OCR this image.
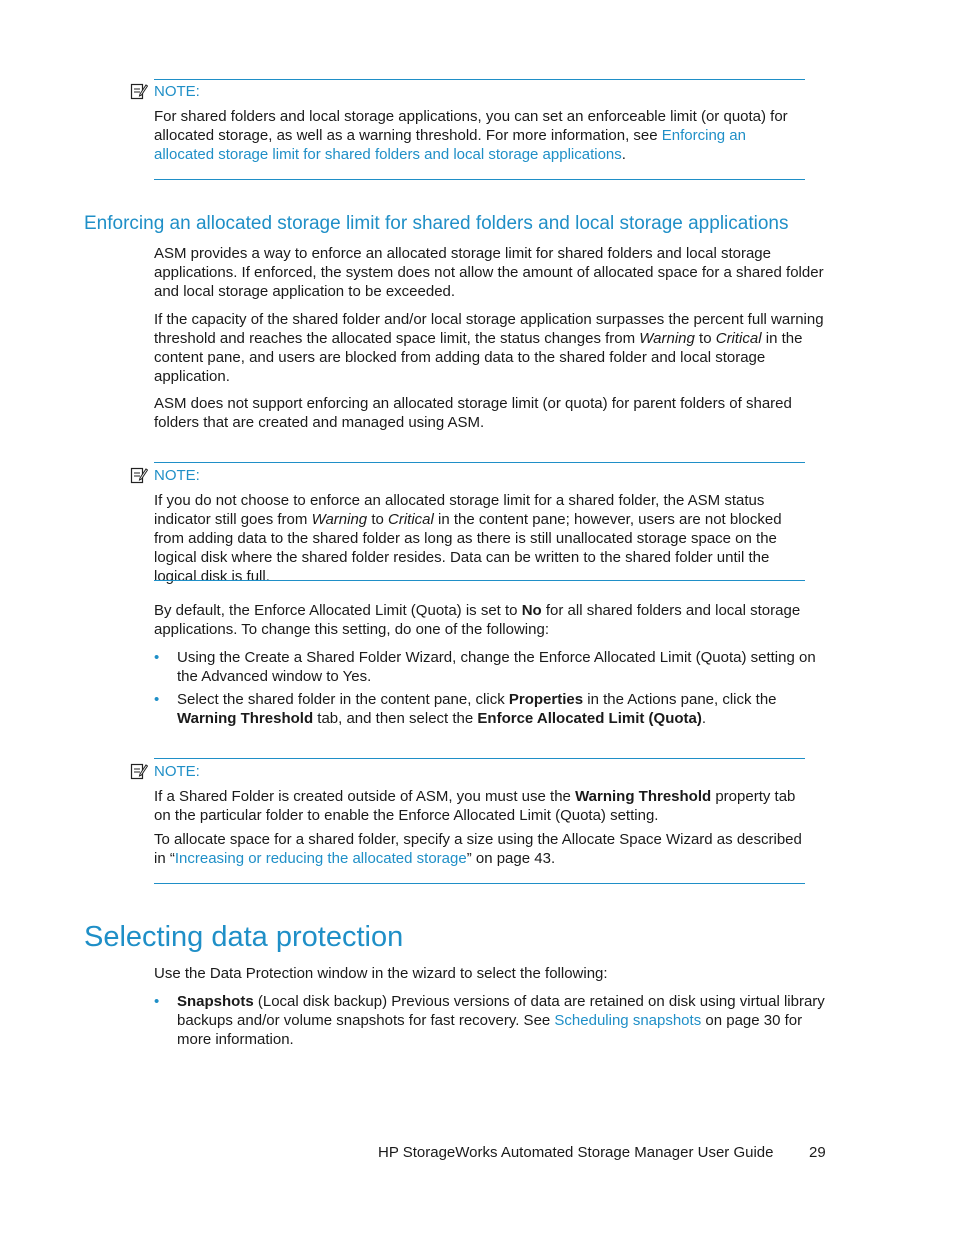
NOTE:

For shared folders and local storage applications, you can set an enforceable limit (or quota) for allocated storage, as well as a warning threshold. For more information, see Enforcing an allocated storage limit for shared folders and local storage applications.

Enforcing an allocated storage limit for shared folders and local storage applications

ASM provides a way to enforce an allocated storage limit for shared folders and local storage applications. If enforced, the system does not allow the amount of allocated space for a shared folder and local storage application to be exceeded.

If the capacity of the shared folder and/or local storage application surpasses the percent full warning threshold and reaches the allocated space limit, the status changes from Warning to Critical in the content pane, and users are blocked from adding data to the shared folder and local storage application.

ASM does not support enforcing an allocated storage limit (or quota) for parent folders of shared folders that are created and managed using ASM.

NOTE:

If you do not choose to enforce an allocated storage limit for a shared folder, the ASM status indicator still goes from Warning to Critical in the content pane; however, users are not blocked from adding data to the shared folder as long as there is still unallocated storage space on the logical disk where the shared folder resides. Data can be written to the shared folder until the logical disk is full.

By default, the Enforce Allocated Limit (Quota) is set to No for all shared folders and local storage applications. To change this setting, do one of the following:

• Using the Create a Shared Folder Wizard, change the Enforce Allocated Limit (Quota) setting on the Advanced window to Yes.

• Select the shared folder in the content pane, click Properties in the Actions pane, click the Warning Threshold tab, and then select the Enforce Allocated Limit (Quota).

NOTE:

If a Shared Folder is created outside of ASM, you must use the Warning Threshold property tab on the particular folder to enable the Enforce Allocated Limit (Quota) setting.

To allocate space for a shared folder, specify a size using the Allocate Space Wizard as described in “Increasing or reducing the allocated storage” on page 43.

Selecting data protection

Use the Data Protection window in the wizard to select the following:

• Snapshots (Local disk backup) Previous versions of data are retained on disk using virtual library backups and/or volume snapshots for fast recovery. See Scheduling snapshots on page 30 for more information.

HP StorageWorks Automated Storage Manager User Guide 29
